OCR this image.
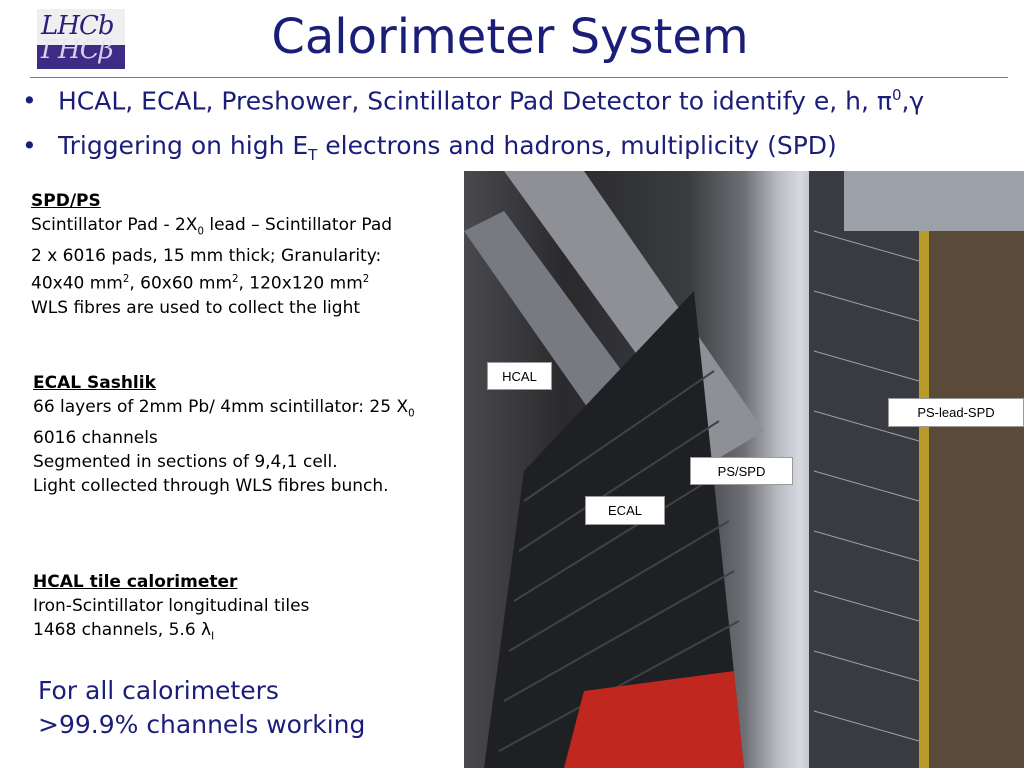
LHCb
ΓHCβ	Calorimeter System
• HCAL, ECAL, Preshower, Scintillator Pad Detector to identify e, h, $\pi^0,\gamma$
• Triggering on high $E_T$ electrons and hadrons, multiplicity (SPD)
SPD/PS
Scintillator Pad - $2X_0$ lead – Scintillator Pad
2 x 6016 pads, 15 mm thick; Granularity:
40x40 $mm^2$, 60x60 $mm^2$, 120x120 $mm^2$
WLS fibres are used to collect the light
ECAL Sashlik
66 layers of 2mm Pb/ 4mm scintillator: 25 $X_0$
6016 channels
Segmented in sections of 9,4,1 cell.
Light collected through WLS fibres bunch.
HCAL tile calorimeter
Iron-Scintillator longitudinal tiles
1468 channels, 5.6 $\lambda_I$
For all calorimeters
>99.9% channels working
HCAL
PS-lead-SPD
PS/SPD
ECAL
